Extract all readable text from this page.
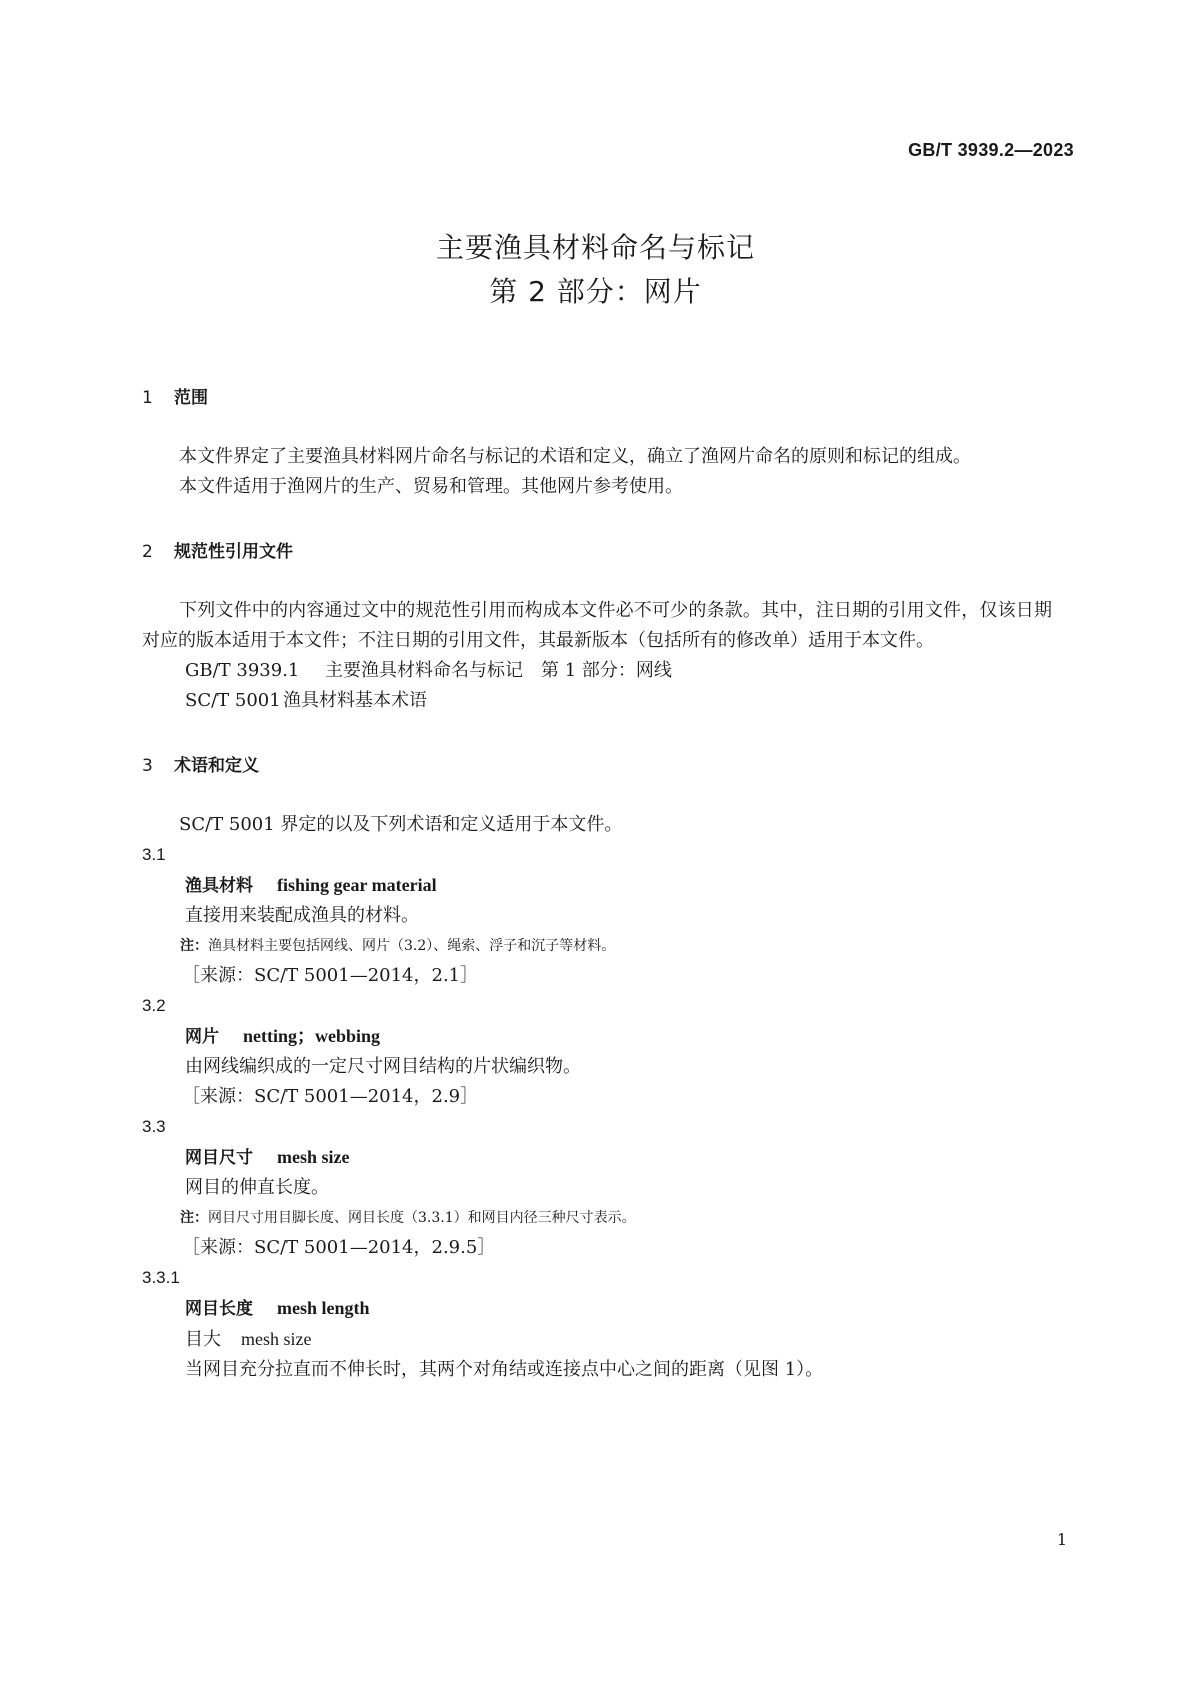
GB/T 3939.2—2023
主要渔具材料命名与标记
第 2 部分：网片
1 范围
本文件界定了主要渔具材料网片命名与标记的术语和定义，确立了渔网片命名的原则和标记的组成。
本文件适用于渔网片的生产、贸易和管理。其他网片参考使用。
2 规范性引用文件
下列文件中的内容通过文中的规范性引用而构成本文件必不可少的条款。其中，注日期的引用文件，仅该日期对应的版本适用于本文件；不注日期的引用文件，其最新版本（包括所有的修改单）适用于本文件。
GB/T 3939.1 主要渔具材料命名与标记　第 1 部分：网线
SC/T 5001 渔具材料基本术语
3 术语和定义
SC/T 5001 界定的以及下列术语和定义适用于本文件。
3.1
渔具材料 fishing gear material
直接用来装配成渔具的材料。
注：渔具材料主要包括网线、网片（3.2）、绳索、浮子和沉子等材料。
［来源：SC/T 5001—2014，2.1］
3.2
网片 netting；webbing
由网线编织成的一定尺寸网目结构的片状编织物。
［来源：SC/T 5001—2014，2.9］
3.3
网目尺寸 mesh size
网目的伸直长度。
注：网目尺寸用目脚长度、网目长度（3.3.1）和网目内径三种尺寸表示。
［来源：SC/T 5001—2014，2.9.5］
3.3.1
网目长度 mesh length
目大 mesh size
当网目充分拉直而不伸长时，其两个对角结或连接点中心之间的距离（见图 1）。
1
